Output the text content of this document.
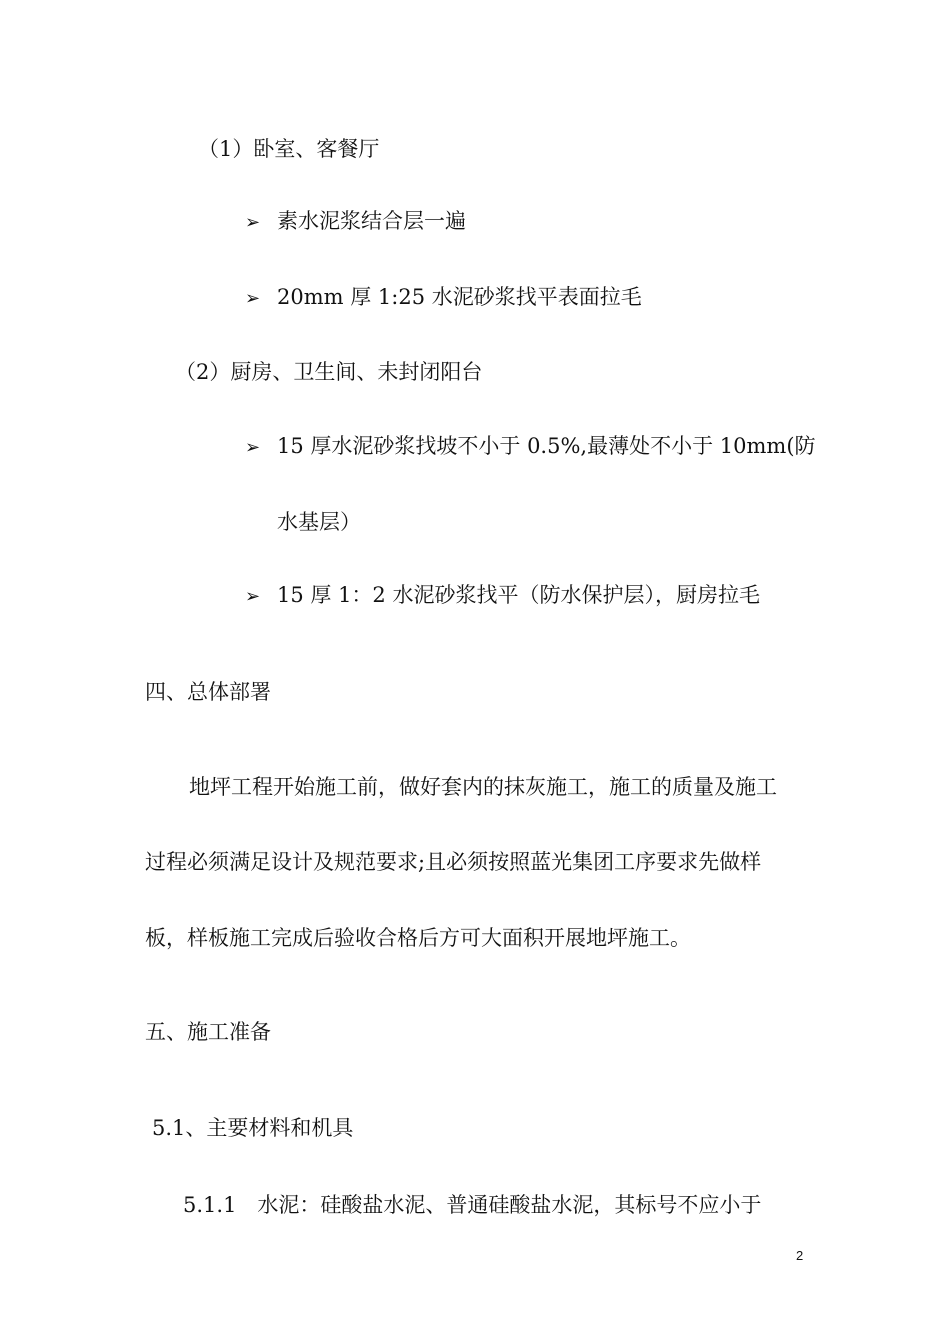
（1）卧室、客餐厅
➢ 素水泥浆结合层一遍
➢ 20mm 厚 1:25 水泥砂浆找平表面拉毛
（2）厨房、卫生间、未封闭阳台
➢ 15 厚水泥砂浆找坡不小于 0.5%,最薄处不小于 10mm(防
水基层）
➢ 15 厚 1：2 水泥砂浆找平（防水保护层），厨房拉毛
四、总体部署
地坪工程开始施工前，做好套内的抹灰施工，施工的质量及施工
过程必须满足设计及规范要求;且必须按照蓝光集团工序要求先做样
板，样板施工完成后验收合格后方可大面积开展地坪施工。
五、施工准备
5.1、主要材料和机具
5.1.1　水泥：硅酸盐水泥、普通硅酸盐水泥，其标号不应小于
2
